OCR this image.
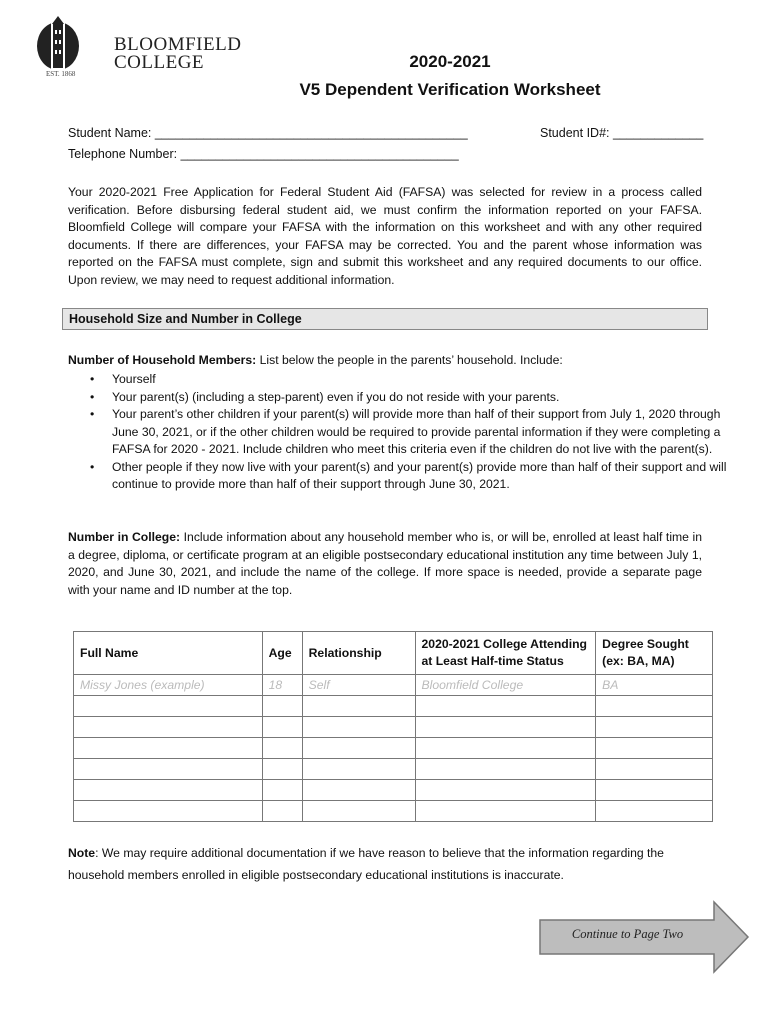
BLOOMFIELD
COLLEGE
EST. 1868
2020-2021
V5 Dependent Verification Worksheet
Student Name: _____________________________________________	Student ID#: _____________
Telephone Number: ________________________________________
Your 2020-2021 Free Application for Federal Student Aid (FAFSA) was selected for review in a process called verification. Before disbursing federal student aid, we must confirm the information reported on your FAFSA. Bloomfield College will compare your FAFSA with the information on this worksheet and with any other required documents. If there are differences, your FAFSA may be corrected. You and the parent whose information was reported on the FAFSA must complete, sign and submit this worksheet and any required documents to our office. Upon review, we may need to request additional information.
Household Size and Number in College
Number of Household Members: List below the people in the parents’ household. Include:
• Yourself
• Your parent(s) (including a step-parent) even if you do not reside with your parents.
• Your parent’s other children if your parent(s) will provide more than half of their support from July 1, 2020 through June 30, 2021, or if the other children would be required to provide parental information if they were completing a FAFSA for 2020 - 2021. Include children who meet this criteria even if the children do not live with the parent(s).
• Other people if they now live with your parent(s) and your parent(s) provide more than half of their support and will continue to provide more than half of their support through June 30, 2021.
Number in College: Include information about any household member who is, or will be, enrolled at least half time in a degree, diploma, or certificate program at an eligible postsecondary educational institution any time between July 1, 2020, and June 30, 2021, and include the name of the college. If more space is needed, provide a separate page with your name and ID number at the top.
Full Name	Age	Relationship	2020-2021 College Attending at Least Half-time Status	Degree Sought (ex: BA, MA)
Missy Jones (example)	18	Self	Bloomfield College	BA

Note: We may require additional documentation if we have reason to believe that the information regarding the household members enrolled in eligible postsecondary educational institutions is inaccurate.
Continue to Page Two
